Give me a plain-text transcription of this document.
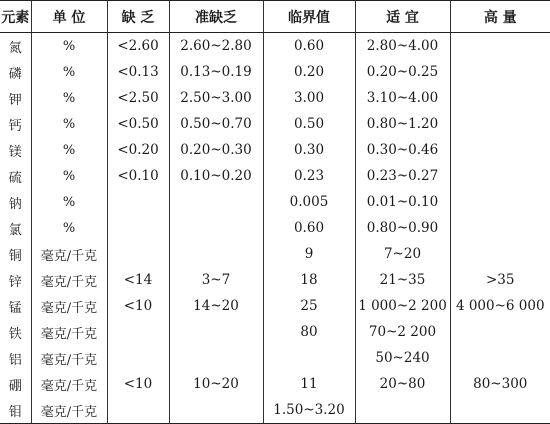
元素	单 位	缺 乏	准缺乏	临界值	适 宜	高 量
氮	%	<2.60	2.60~2.80	0.60	2.80~4.00	
磷	%	<0.13	0.13~0.19	0.20	0.20~0.25	
钾	%	<2.50	2.50~3.00	3.00	3.10~4.00	
钙	%	<0.50	0.50~0.70	0.50	0.80~1.20	
镁	%	<0.20	0.20~0.30	0.30	0.30~0.46	
硫	%	<0.10	0.10~0.20	0.23	0.23~0.27	
钠	%			0.005	0.01~0.10	
氯	%			0.60	0.80~0.90	
铜	毫克/千克			9	7~20	
锌	毫克/千克	<14	3~7	18	21~35	>35
锰	毫克/千克	<10	14~20	25	1 000~2 200	4 000~6 000
铁	毫克/千克			80	70~2 200	
铝	毫克/千克				50~240	
硼	毫克/千克	<10	10~20	11	20~80	80~300
钼	毫克/千克			1.50~3.20		
